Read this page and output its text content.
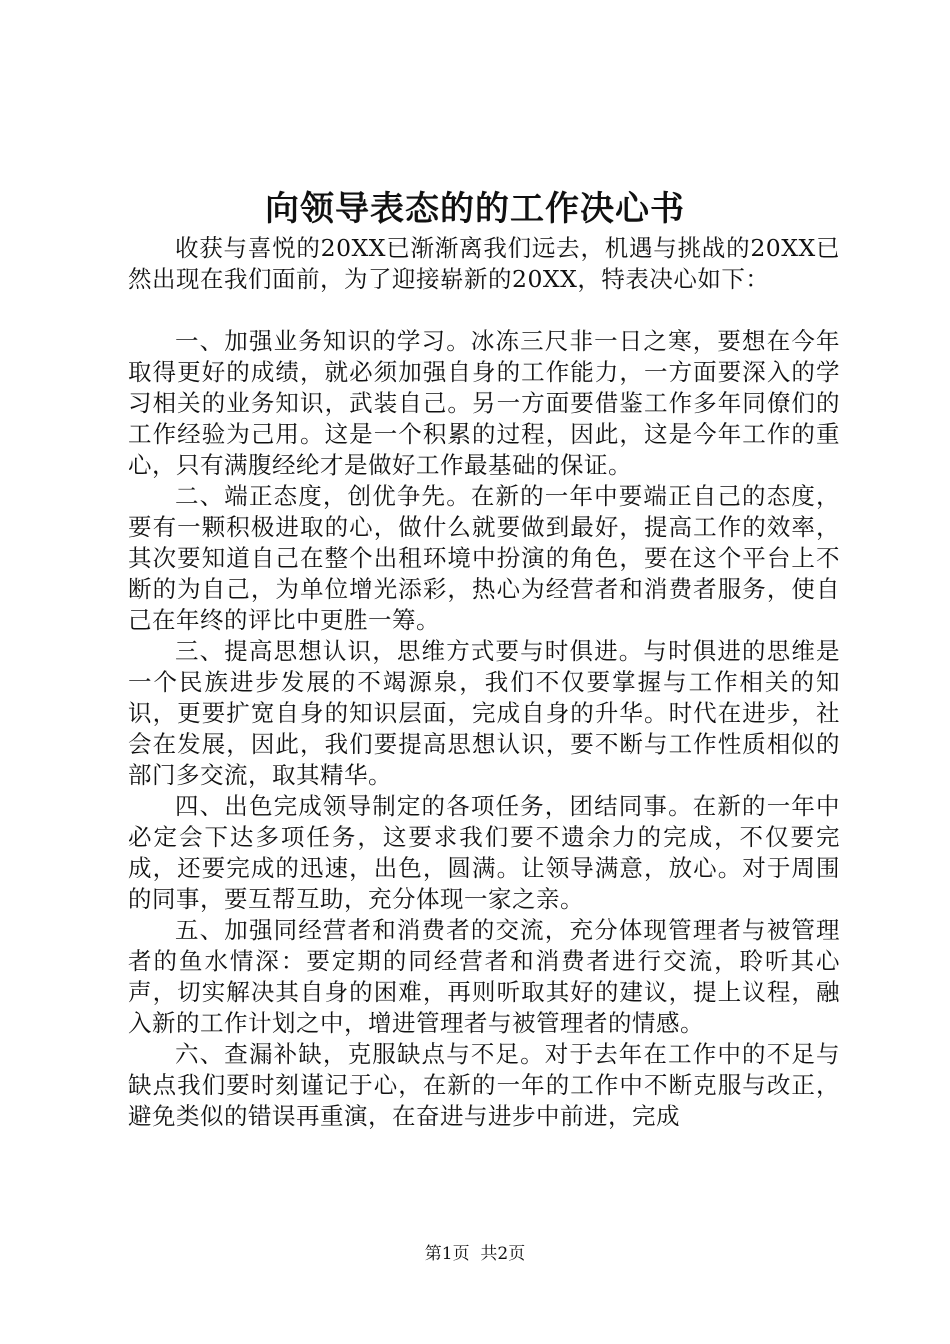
向领导表态的的工作决心书

收获与喜悦的20XX已渐渐离我们远去，机遇与挑战的20XX已然出现在我们面前，为了迎接崭新的20XX，特表决心如下：

一、加强业务知识的学习。冰冻三尺非一日之寒，要想在今年取得更好的成绩，就必须加强自身的工作能力，一方面要深入的学习相关的业务知识，武装自己。另一方面要借鉴工作多年同僚们的工作经验为己用。这是一个积累的过程，因此，这是今年工作的重心，只有满腹经纶才是做好工作最基础的保证。

二、端正态度，创优争先。在新的一年中要端正自己的态度，要有一颗积极进取的心，做什么就要做到最好，提高工作的效率，其次要知道自己在整个出租环境中扮演的角色，要在这个平台上不断的为自己，为单位增光添彩，热心为经营者和消费者服务，使自己在年终的评比中更胜一筹。

三、提高思想认识，思维方式要与时俱进。与时俱进的思维是一个民族进步发展的不竭源泉，我们不仅要掌握与工作相关的知识，更要扩宽自身的知识层面，完成自身的升华。时代在进步，社会在发展，因此，我们要提高思想认识，要不断与工作性质相似的部门多交流，取其精华。

四、出色完成领导制定的各项任务，团结同事。在新的一年中必定会下达多项任务，这要求我们要不遗余力的完成，不仅要完成，还要完成的迅速，出色，圆满。让领导满意，放心。对于周围的同事，要互帮互助，充分体现一家之亲。

五、加强同经营者和消费者的交流，充分体现管理者与被管理者的鱼水情深：要定期的同经营者和消费者进行交流，聆听其心声，切实解决其自身的困难，再则听取其好的建议，提上议程，融入新的工作计划之中，增进管理者与被管理者的情感。

六、查漏补缺，克服缺点与不足。对于去年在工作中的不足与缺点我们要时刻谨记于心，在新的一年的工作中不断克服与改正，避免类似的错误再重演，在奋进与进步中前进，完成

第1页 共2页
